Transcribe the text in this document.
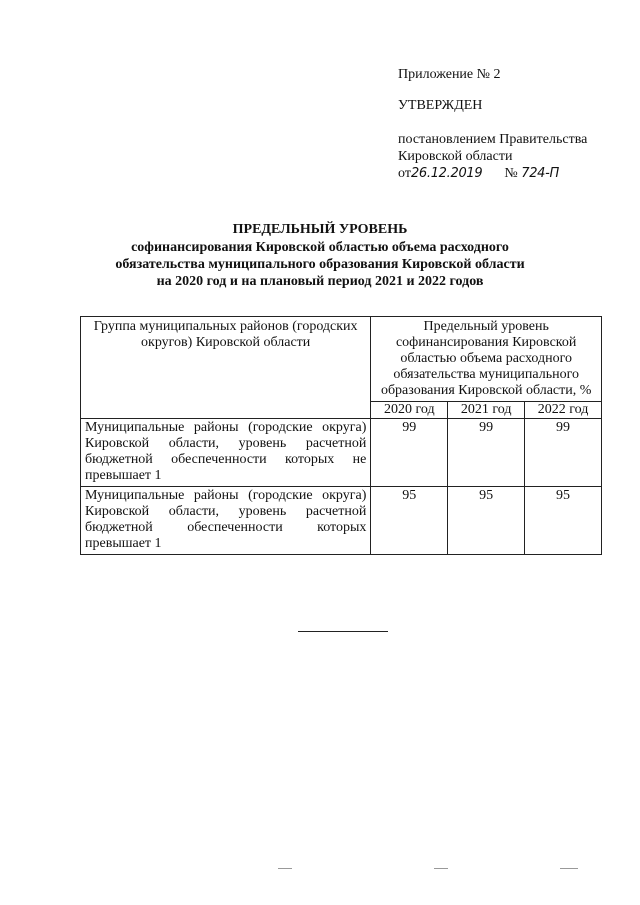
Приложение № 2
УТВЕРЖДЕН
постановлением Правительства
Кировской области
от26.12.2019 № 724-П
ПРЕДЕЛЬНЫЙ УРОВЕНЬ
софинансирования Кировской областью объема расходного
обязательства муниципального образования Кировской области
на 2020 год и на плановый период 2021 и 2022 годов
Группа муниципальных районов (городских округов) Кировской области	Предельный уровень софинансирования Кировской областью объема расходного обязательства муниципального образования Кировской области, %		
	2020 год	2021 год	2022 год
Муниципальные районы (городские округа) Кировской области, уровень расчетной бюджетной обеспеченности которых не превышает 1	99	99	99
Муниципальные районы (городские округа) Кировской области, уровень расчетной бюджетной обеспеченности которых превышает 1	95	95	95
